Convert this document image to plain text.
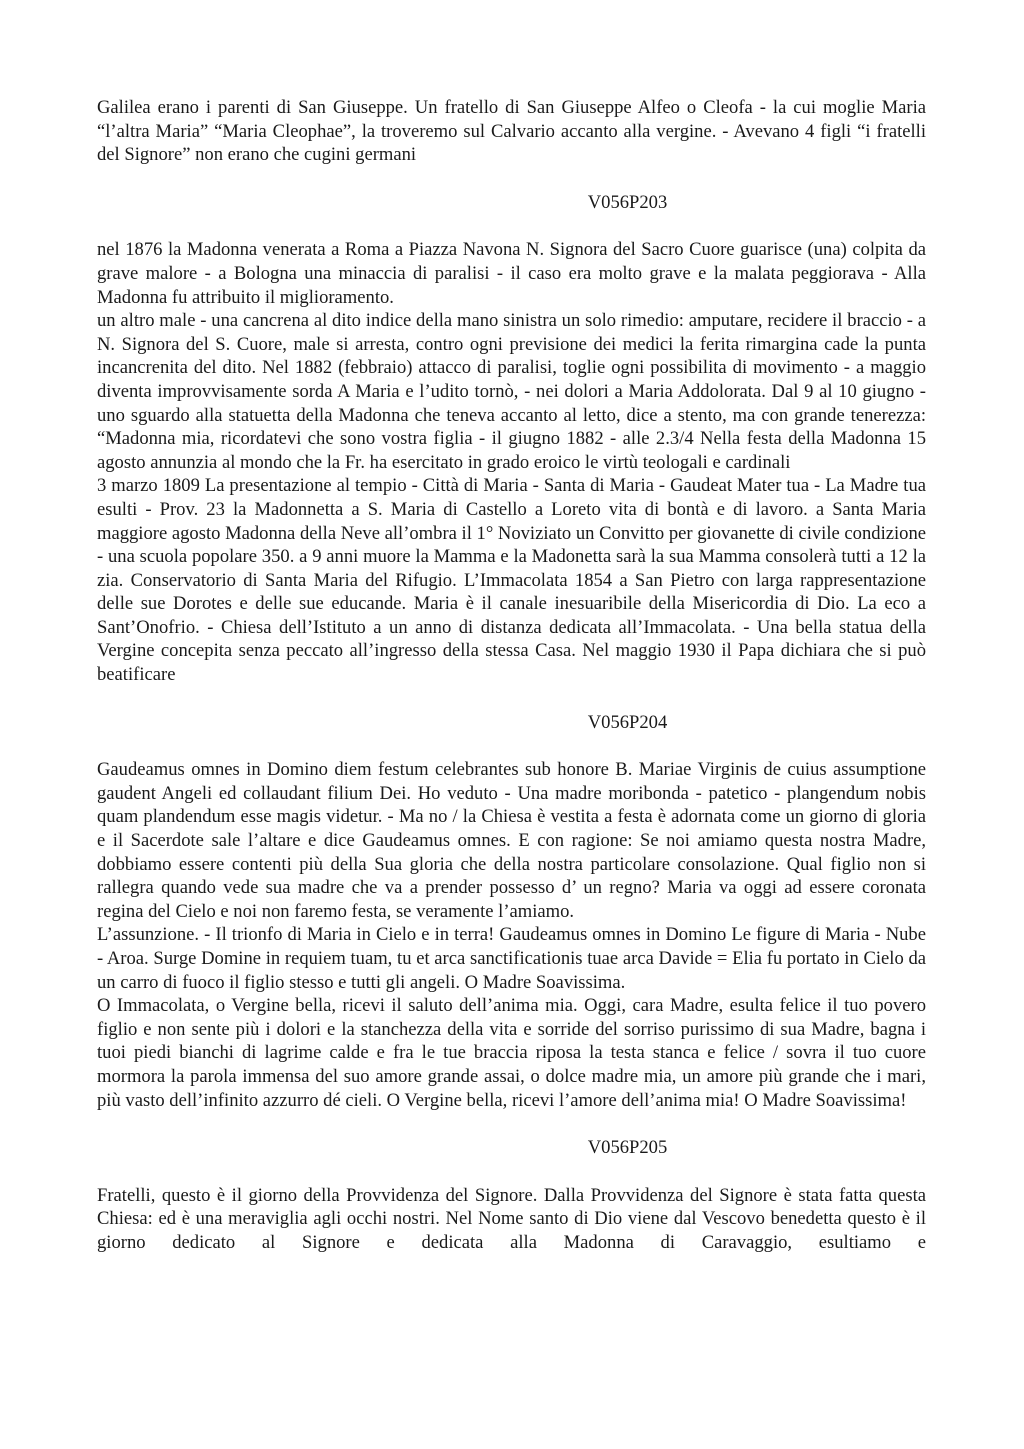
Galilea erano i parenti di San Giuseppe. Un fratello di San Giuseppe Alfeo o Cleofa - la cui moglie Maria “l’altra Maria” “Maria Cleophae”, la troveremo sul Calvario accanto alla vergine. - Avevano 4 figli “i fratelli del Signore” non erano che cugini germani

V056P203

nel 1876 la Madonna venerata a Roma a Piazza Navona N. Signora del Sacro Cuore guarisce (una) colpita da grave malore - a Bologna una minaccia di paralisi - il caso era molto grave e la malata peggiorava - Alla Madonna fu attribuito il miglioramento.

un altro male - una cancrena al dito indice della mano sinistra un solo rimedio: amputare, recidere il braccio - a N. Signora del S. Cuore, male si arresta, contro ogni previsione dei medici la ferita rimargina cade la punta incancrenita del dito. Nel 1882 (febbraio) attacco di paralisi, toglie ogni possibilita di movimento - a maggio diventa improvvisamente sorda A Maria e l’udito tornò, - nei dolori a Maria Addolorata. Dal 9 al 10 giugno - uno sguardo alla statuetta della Madonna che teneva accanto al letto, dice a stento, ma con grande tenerezza: “Madonna mia, ricordatevi che sono vostra figlia - il giugno 1882 - alle 2.3/4 Nella festa della Madonna 15 agosto annunzia al mondo che la Fr. ha esercitato in grado eroico le virtù teologali e cardinali

3 marzo 1809 La presentazione al tempio - Città di Maria - Santa di Maria - Gaudeat Mater tua - La Madre tua esulti - Prov. 23 la Madonnetta a S. Maria di Castello a Loreto vita di bontà e di lavoro. a Santa Maria maggiore agosto Madonna della Neve all’ombra il 1° Noviziato un Convitto per giovanette di civile condizione - una scuola popolare 350. a 9 anni muore la Mamma e la Madonetta sarà la sua Mamma consolerà tutti a 12 la zia. Conservatorio di Santa Maria del Rifugio. L’Immacolata 1854 a San Pietro con larga rappresentazione delle sue Dorotes e delle sue educande. Maria è il canale inesuaribile della Misericordia di Dio. La eco a Sant’Onofrio. - Chiesa dell’Istituto a un anno di distanza dedicata all’Immacolata. - Una bella statua della Vergine concepita senza peccato all’ingresso della stessa Casa. Nel maggio 1930 il Papa dichiara che si può beatificare

V056P204

Gaudeamus omnes in Domino diem festum celebrantes sub honore B. Mariae Virginis de cuius assumptione gaudent Angeli ed collaudant filium Dei. Ho veduto - Una madre moribonda - patetico - plangendum nobis quam plandendum esse magis videtur. - Ma no / la Chiesa è vestita a festa è adornata come un giorno di gloria e il Sacerdote sale l’altare e dice Gaudeamus omnes. E con ragione: Se noi amiamo questa nostra Madre, dobbiamo essere contenti più della Sua gloria che della nostra particolare consolazione. Qual figlio non si rallegra quando vede sua madre che va a prender possesso d’ un regno? Maria va oggi ad essere coronata regina del Cielo e noi non faremo festa, se veramente l’amiamo.

L’assunzione. - Il trionfo di Maria in Cielo e in terra! Gaudeamus omnes in Domino Le figure di Maria - Nube - Aroa. Surge Domine in requiem tuam, tu et arca sanctificationis tuae arca Davide = Elia fu portato in Cielo da un carro di fuoco il figlio stesso e tutti gli angeli. O Madre Soavissima.

O Immacolata, o Vergine bella, ricevi il saluto dell’anima mia. Oggi, cara Madre, esulta felice il tuo povero figlio e non sente più i dolori e la stanchezza della vita e sorride del sorriso purissimo di sua Madre, bagna i tuoi piedi bianchi di lagrime calde e fra le tue braccia riposa la testa stanca e felice / sovra il tuo cuore mormora la parola immensa del suo amore grande assai, o dolce madre mia, un amore più grande che i mari, più vasto dell’infinito azzurro dé cieli. O Vergine bella, ricevi l’amore dell’anima mia! O Madre Soavissima!

V056P205

Fratelli, questo è il giorno della Provvidenza del Signore. Dalla Provvidenza del Signore è stata fatta questa Chiesa: ed è una meraviglia agli occhi nostri. Nel Nome santo di Dio viene dal Vescovo benedetta questo è il giorno dedicato al Signore e dedicata alla Madonna di Caravaggio, esultiamo e
